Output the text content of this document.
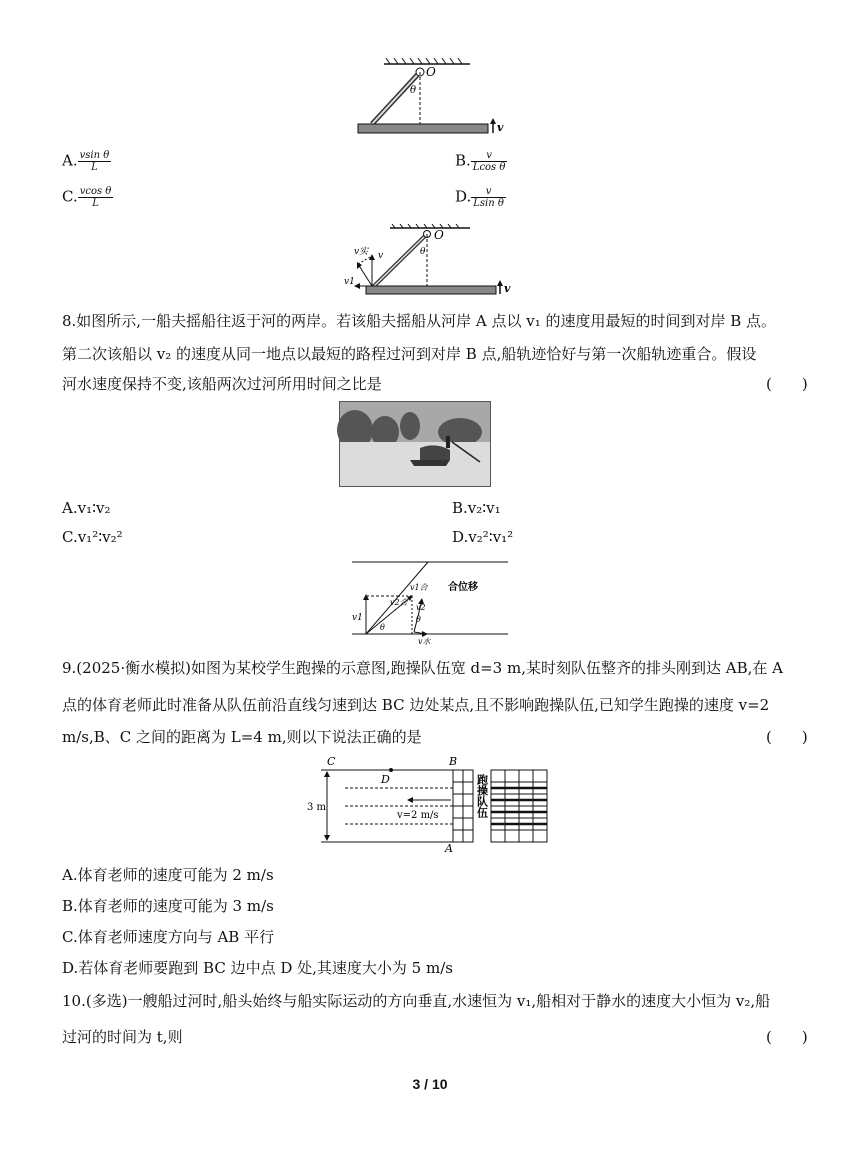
O
θ
v
A. $\frac{\text{vsin θ}}{L}$	B. $\frac{v}{\text{Lcos θ}}$
C. $\frac{\text{vcos θ}}{L}$	D. $\frac{v}{\text{Lsin θ}}$
O
θ
v实 v
v1	v
8.如图所示,一船夫摇船往返于河的两岸。若该船夫摇船从河岸 A 点以 v₁ 的速度用最短的时间到对岸 B 点。
第二次该船以 v₂ 的速度从同一地点以最短的路程过河到对岸 B 点,船轨迹恰好与第一次船轨迹重合。假设
河水速度保持不变,该船两次过河所用时间之比是	(　　)
A.v₁∶v₂	B.v₂∶v₁
C.v₁²∶v₂²	D.v₂²∶v₁²
v1
v1合
v2合
v2
θ
θ
v水
合位移
9.(2025·衡水模拟)如图为某校学生跑操的示意图,跑操队伍宽 d=3 m,某时刻队伍整齐的排头刚到达 AB,在 A
点的体育老师此时准备从队伍前沿直线匀速到达 BC 边处某点,且不影响跑操队伍,已知学生跑操的速度 v=2
m/s,B、C 之间的距离为 L=4 m,则以下说法正确的是	(　　)
C	B
D
3 m
v=2 m/s
A
跑操队伍
A.体育老师的速度可能为 2 m/s
B.体育老师的速度可能为 3 m/s
C.体育老师速度方向与 AB 平行
D.若体育老师要跑到 BC 边中点 D 处,其速度大小为 5 m/s
10.(多选)一艘船过河时,船头始终与船实际运动的方向垂直,水速恒为 v₁,船相对于静水的速度大小恒为 v₂,船
过河的时间为 t,则	(　　)
3 / 10
